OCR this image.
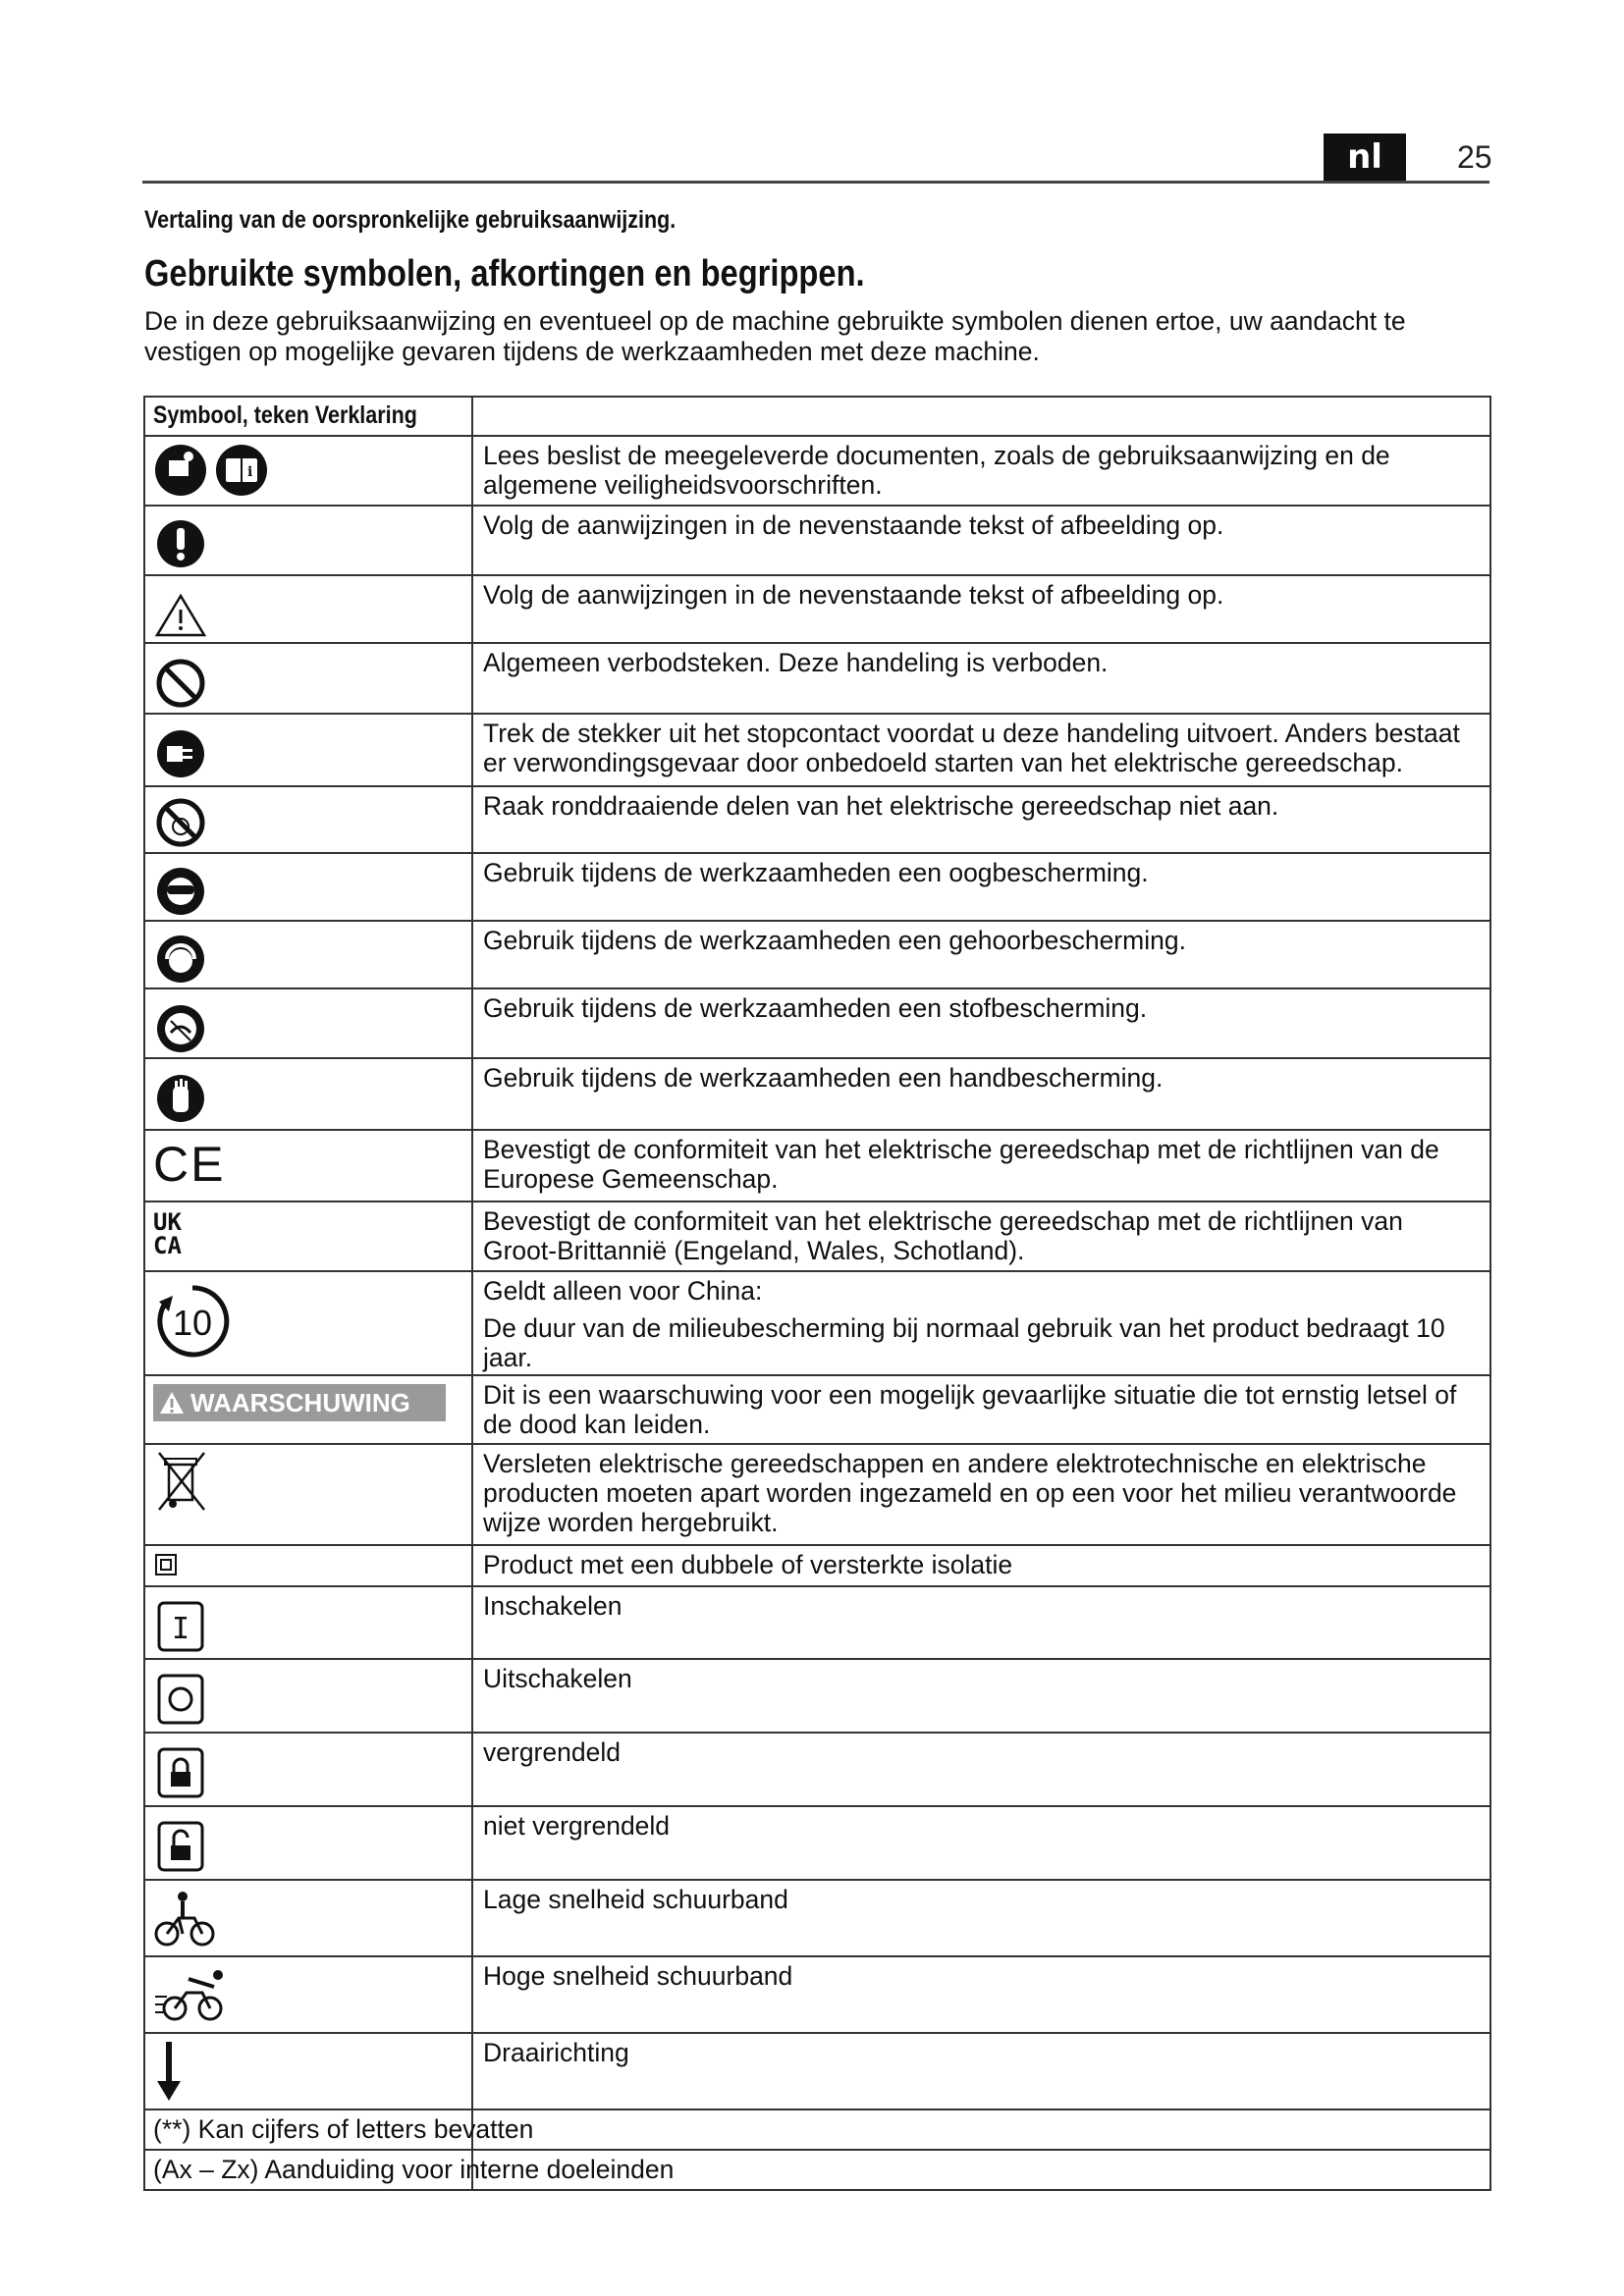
nl	25
Vertaling van de oorspronkelijke gebruiksaanwijzing.
Gebruikte symbolen, afkortingen en begrippen.
De in deze gebruiksaanwijzing en eventueel op de machine gebruikte symbolen dienen ertoe, uw aandacht te vestigen op mogelijke gevaren tijdens de werkzaamheden met deze machine.
Symbool, teken Verklaring	

i	Lees beslist de meegeleverde documenten, zoals de gebruiksaanwijzing en de algemene veiligheidsvoorschriften.

	Volg de aanwijzingen in de nevenstaande tekst of afbeelding op.

	Volg de aanwijzingen in de nevenstaande tekst of afbeelding op.

	Algemeen verbodsteken. Deze handeling is verboden.

	Trek de stekker uit het stopcontact voordat u deze handeling uitvoert. Anders bestaat er verwondingsgevaar door onbedoeld starten van het elektrische gereedschap.

	Raak ronddraaiende delen van het elektrische gereedschap niet aan.

	Gebruik tijdens de werkzaamheden een oogbescherming.

	Gebruik tijdens de werkzaamheden een gehoorbescherming.

	Gebruik tijdens de werkzaamheden een stofbescherming.

	Gebruik tijdens de werkzaamheden een handbescherming.

CE	Bevestigt de conformiteit van het elektrische gereedschap met de richtlijnen van de Europese Gemeenschap.

UK
CA	Bevestigt de conformiteit van het elektrische gereedschap met de richtlijnen van Groot-Brittannië (Engeland, Wales, Schotland).

10	Geldt alleen voor China:
De duur van de milieubescherming bij normaal gebruik van het product bedraagt 10 jaar.

WAARSCHUWING	Dit is een waarschuwing voor een mogelijk gevaarlijke situatie die tot ernstig letsel of de dood kan leiden.

	Versleten elektrische gereedschappen en andere elektrotechnische en elektrische producten moeten apart worden ingezameld en op een voor het milieu verantwoorde wijze worden hergebruikt.

	Product met een dubbele of versterkte isolatie

I	Inschakelen

	Uitschakelen

	vergrendeld

	niet vergrendeld

	Lage snelheid schuurband

	Hoge snelheid schuurband

	Draairichting

(**) Kan cijfers of letters bevatten	

(Ax – Zx) Aanduiding voor interne doeleinden	
